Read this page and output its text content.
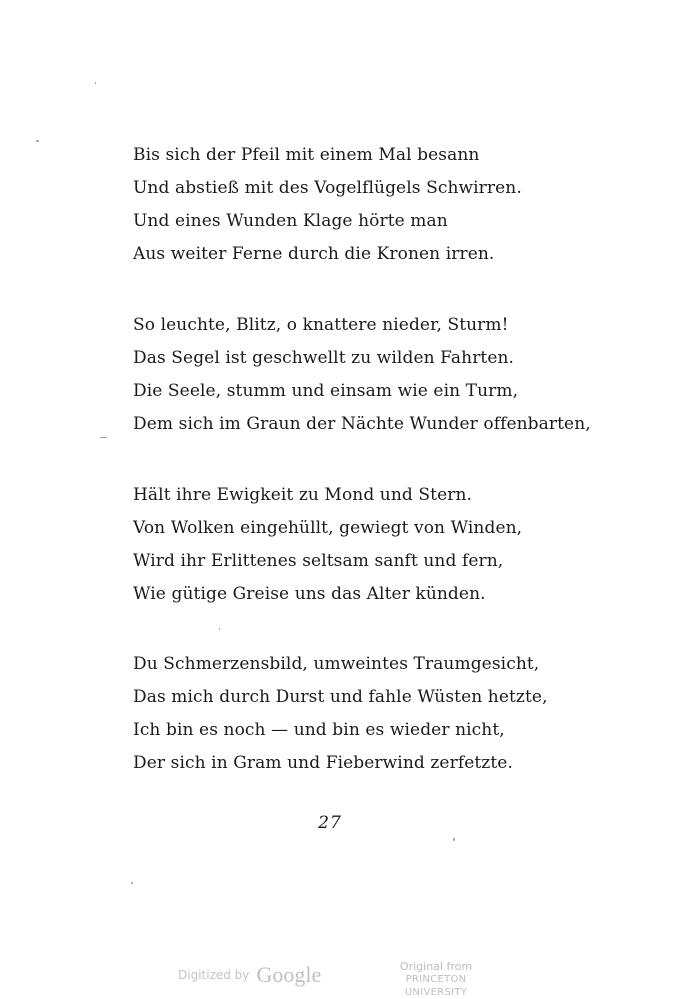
Bis sich der Pfeil mit einem Mal besann
Und abstieß mit des Vogelflügels Schwirren.
Und eines Wunden Klage hörte man
Aus weiter Ferne durch die Kronen irren.
So leuchte, Blitz, o knattere nieder, Sturm!
Das Segel ist geschwellt zu wilden Fahrten.
Die Seele, stumm und einsam wie ein Turm,
Dem sich im Graun der Nächte Wunder offenbarten,
Hält ihre Ewigkeit zu Mond und Stern.
Von Wolken eingehüllt, gewiegt von Winden,
Wird ihr Erlittenes seltsam sanft und fern,
Wie gütige Greise uns das Alter künden.
Du Schmerzensbild, umweintes Traumgesicht,
Das mich durch Durst und fahle Wüsten hetzte,
Ich bin es noch — und bin es wieder nicht,
Der sich in Gram und Fieberwind zerfetzte.
27
Digitized by Google	Original from
PRINCETON UNIVERSITY
